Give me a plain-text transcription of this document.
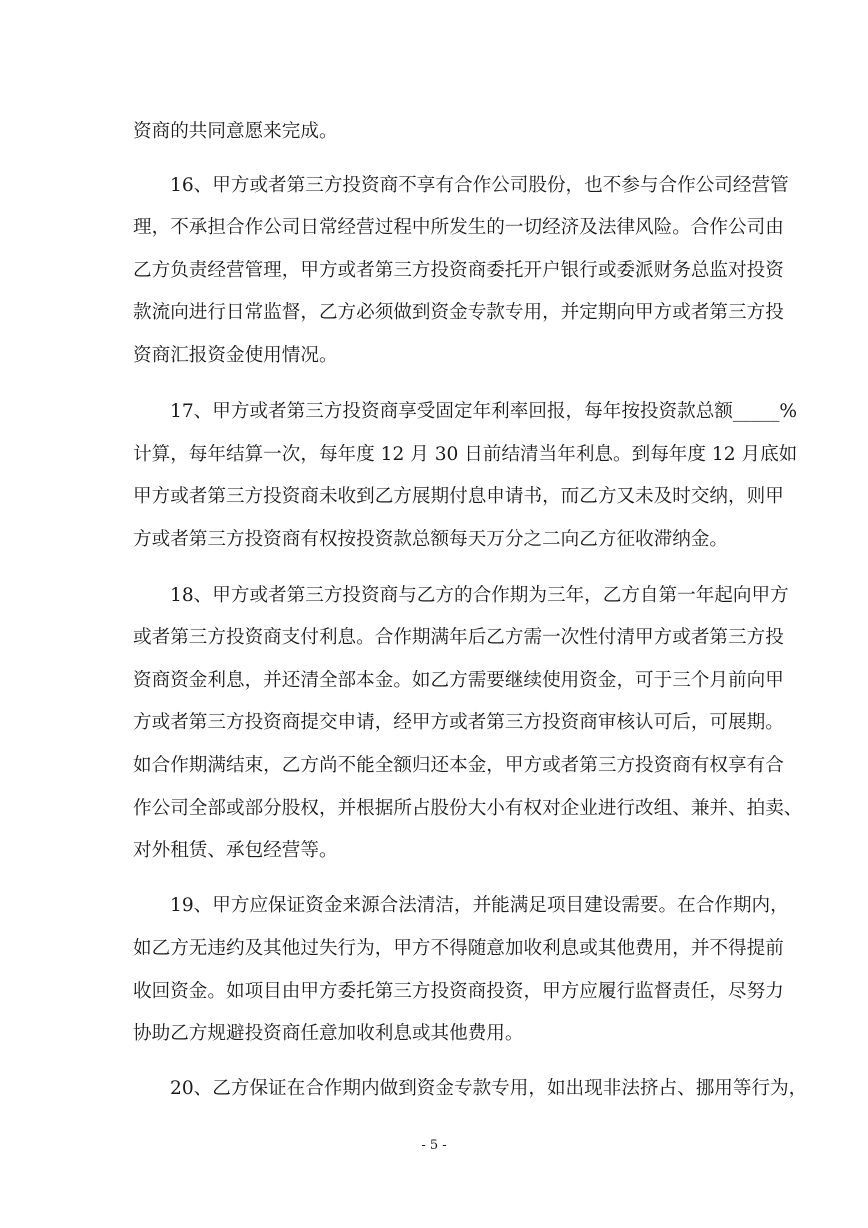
资商的共同意愿来完成。
16、甲方或者第三方投资商不享有合作公司股份，也不参与合作公司经营管
理，不承担合作公司日常经营过程中所发生的一切经济及法律风险。合作公司由
乙方负责经营管理，甲方或者第三方投资商委托开户银行或委派财务总监对投资
款流向进行日常监督，乙方必须做到资金专款专用，并定期向甲方或者第三方投
资商汇报资金使用情况。
17、甲方或者第三方投资商享受固定年利率回报，每年按投资款总额_____%
计算，每年结算一次，每年度 12 月 30 日前结清当年利息。到每年度 12 月底如
甲方或者第三方投资商未收到乙方展期付息申请书，而乙方又未及时交纳，则甲
方或者第三方投资商有权按投资款总额每天万分之二向乙方征收滞纳金。
18、甲方或者第三方投资商与乙方的合作期为三年，乙方自第一年起向甲方
或者第三方投资商支付利息。合作期满年后乙方需一次性付清甲方或者第三方投
资商资金利息，并还清全部本金。如乙方需要继续使用资金，可于三个月前向甲
方或者第三方投资商提交申请，经甲方或者第三方投资商审核认可后，可展期。
如合作期满结束，乙方尚不能全额归还本金，甲方或者第三方投资商有权享有合
作公司全部或部分股权，并根据所占股份大小有权对企业进行改组、兼并、拍卖、
对外租赁、承包经营等。
19、甲方应保证资金来源合法清洁，并能满足项目建设需要。在合作期内，
如乙方无违约及其他过失行为，甲方不得随意加收利息或其他费用，并不得提前
收回资金。如项目由甲方委托第三方投资商投资，甲方应履行监督责任，尽努力
协助乙方规避投资商任意加收利息或其他费用。
20、乙方保证在合作期内做到资金专款专用，如出现非法挤占、挪用等行为，
- 5 -
